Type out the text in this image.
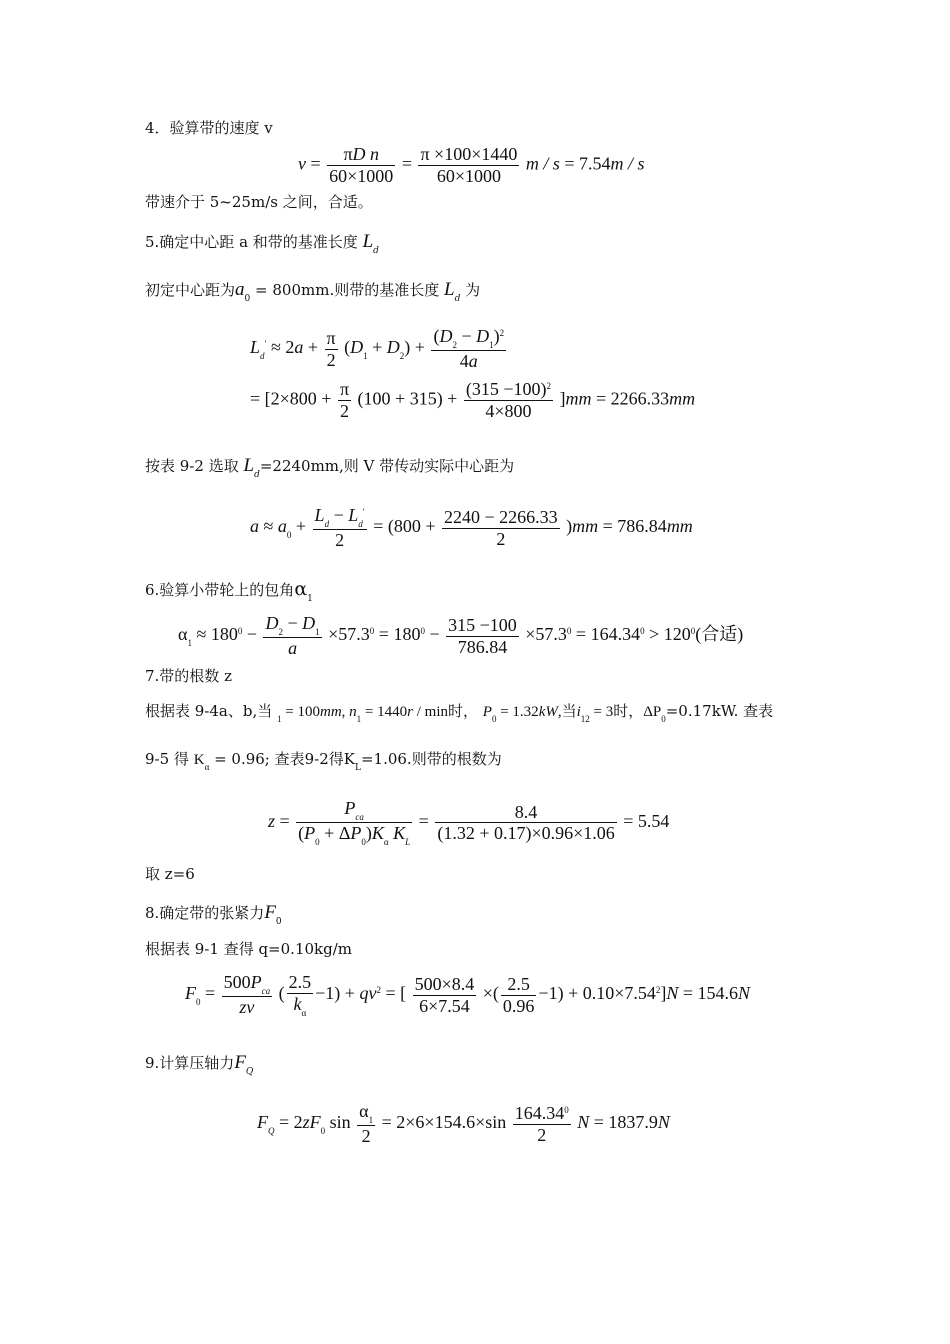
4．验算带的速度 v
$v = \frac{\text{πD n}}{60\times 1000} = \frac{\pi \times 100\times 1440}{60\times 1000}$ m / s = 7.54m / s
带速介于 5~25m/s 之间，合适。
5.确定中心距 a 和带的基准长度 $L_d$
初定中心距为$a_0 = 800mm$.则带的基准长度 $L_d$ 为
$L_d' \approx 2a + \frac{\pi}{2} (D_1 + D_2) + \frac{(D_2 - D_1)^2}{4a}$
= $[2\times 800 + \frac{\pi}{2} (100 + 315) + \frac{(315 -100)^2}{4\times 800} ]mm = 2266.33mm$
按表 9-2 选取 $L_d=2240mm$,则 V 带传动实际中心距为
$a \approx a_0 + \frac{L_d - L_d'}{2} = (800 + \frac{2240 - 2266.33}{2} )mm = 786.84mm$
6.验算小带轮上的包角$\alpha_1$
$\alpha_1 \approx 180^0 - \frac{D_2 - D_1}{a} \times 57.3^0 = 180^0 - \frac{315 -100}{786.84} \times 57.3^0 = 164.34^0 > 120^0$(合适)
7.带的根数 z
根据表 9-4a、b,当 $_1$ = 100mm, $n_1 = 1440r / \min$时， $P_0 = 1.32kW$,当$i_{12} = 3$时，$\Delta P_0=0.17kW$. 查表
9-5 得 $K_\alpha = 0.96$; 查表9-2得$K_L=1.06$.则带的根数为
$z = \frac{P_{ca}}{(P_0 + \Delta P_0)K_\alpha K_L} = \frac{8.4}{(1.32 + 0.17)\times 0.96\times 1.06} = 5.54$
取 z=6
8.确定带的张紧力$F_0$
根据表 9-1 查得 q=0.10kg/m
$F_0 = \frac{500P_{ca}}{zv}$ ( $\frac{2.5}{k_\alpha} -1) + qv^2$ = [ $\frac{500\times 8.4}{6\times 7.54}$ ×( $\frac{2.5}{0.96} -1) + 0.10\times 7.54^2]N = 154.6N$
9.计算压轴力$F_Q$
$F_Q = 2zF_0$ $\sin \frac{\alpha_1}{2} = 2\times 6\times 154.6\times\sin \frac{164.34^0}{2}$ N = 1837.9N
